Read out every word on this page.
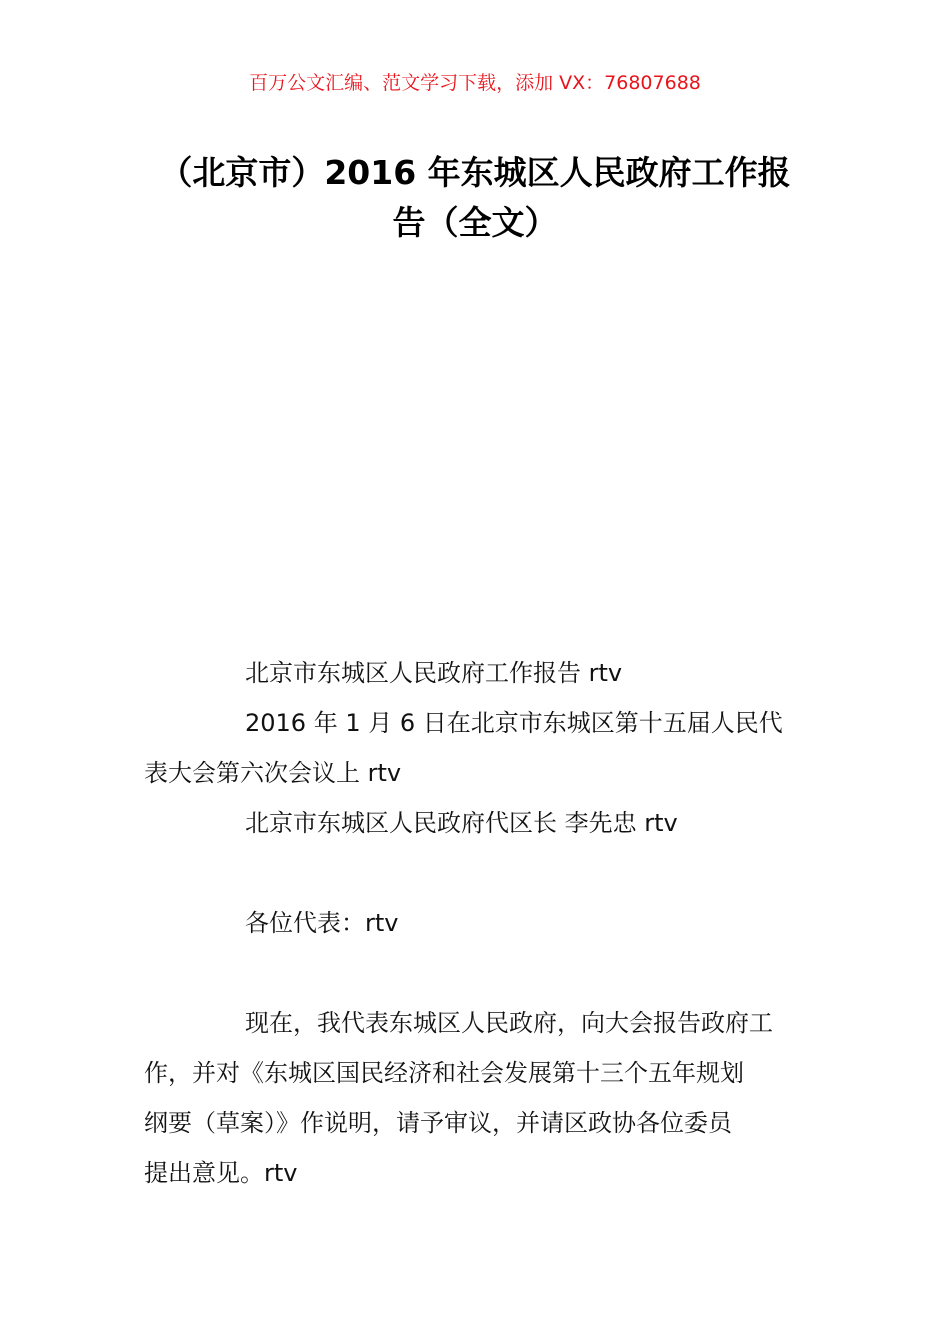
百万公文汇编、范文学习下载，添加 VX：76807688
（北京市）2016 年东城区人民政府工作报
告（全文）
北京市东城区人民政府工作报告 rtv
2016 年 1 月 6 日在北京市东城区第十五届人民代
表大会第六次会议上 rtv
北京市东城区人民政府代区长 李先忠 rtv
各位代表：rtv
现在，我代表东城区人民政府，向大会报告政府工
作，并对《东城区国民经济和社会发展第十三个五年规划
纲要（草案）》作说明，请予审议，并请区政协各位委员
提出意见。rtv
